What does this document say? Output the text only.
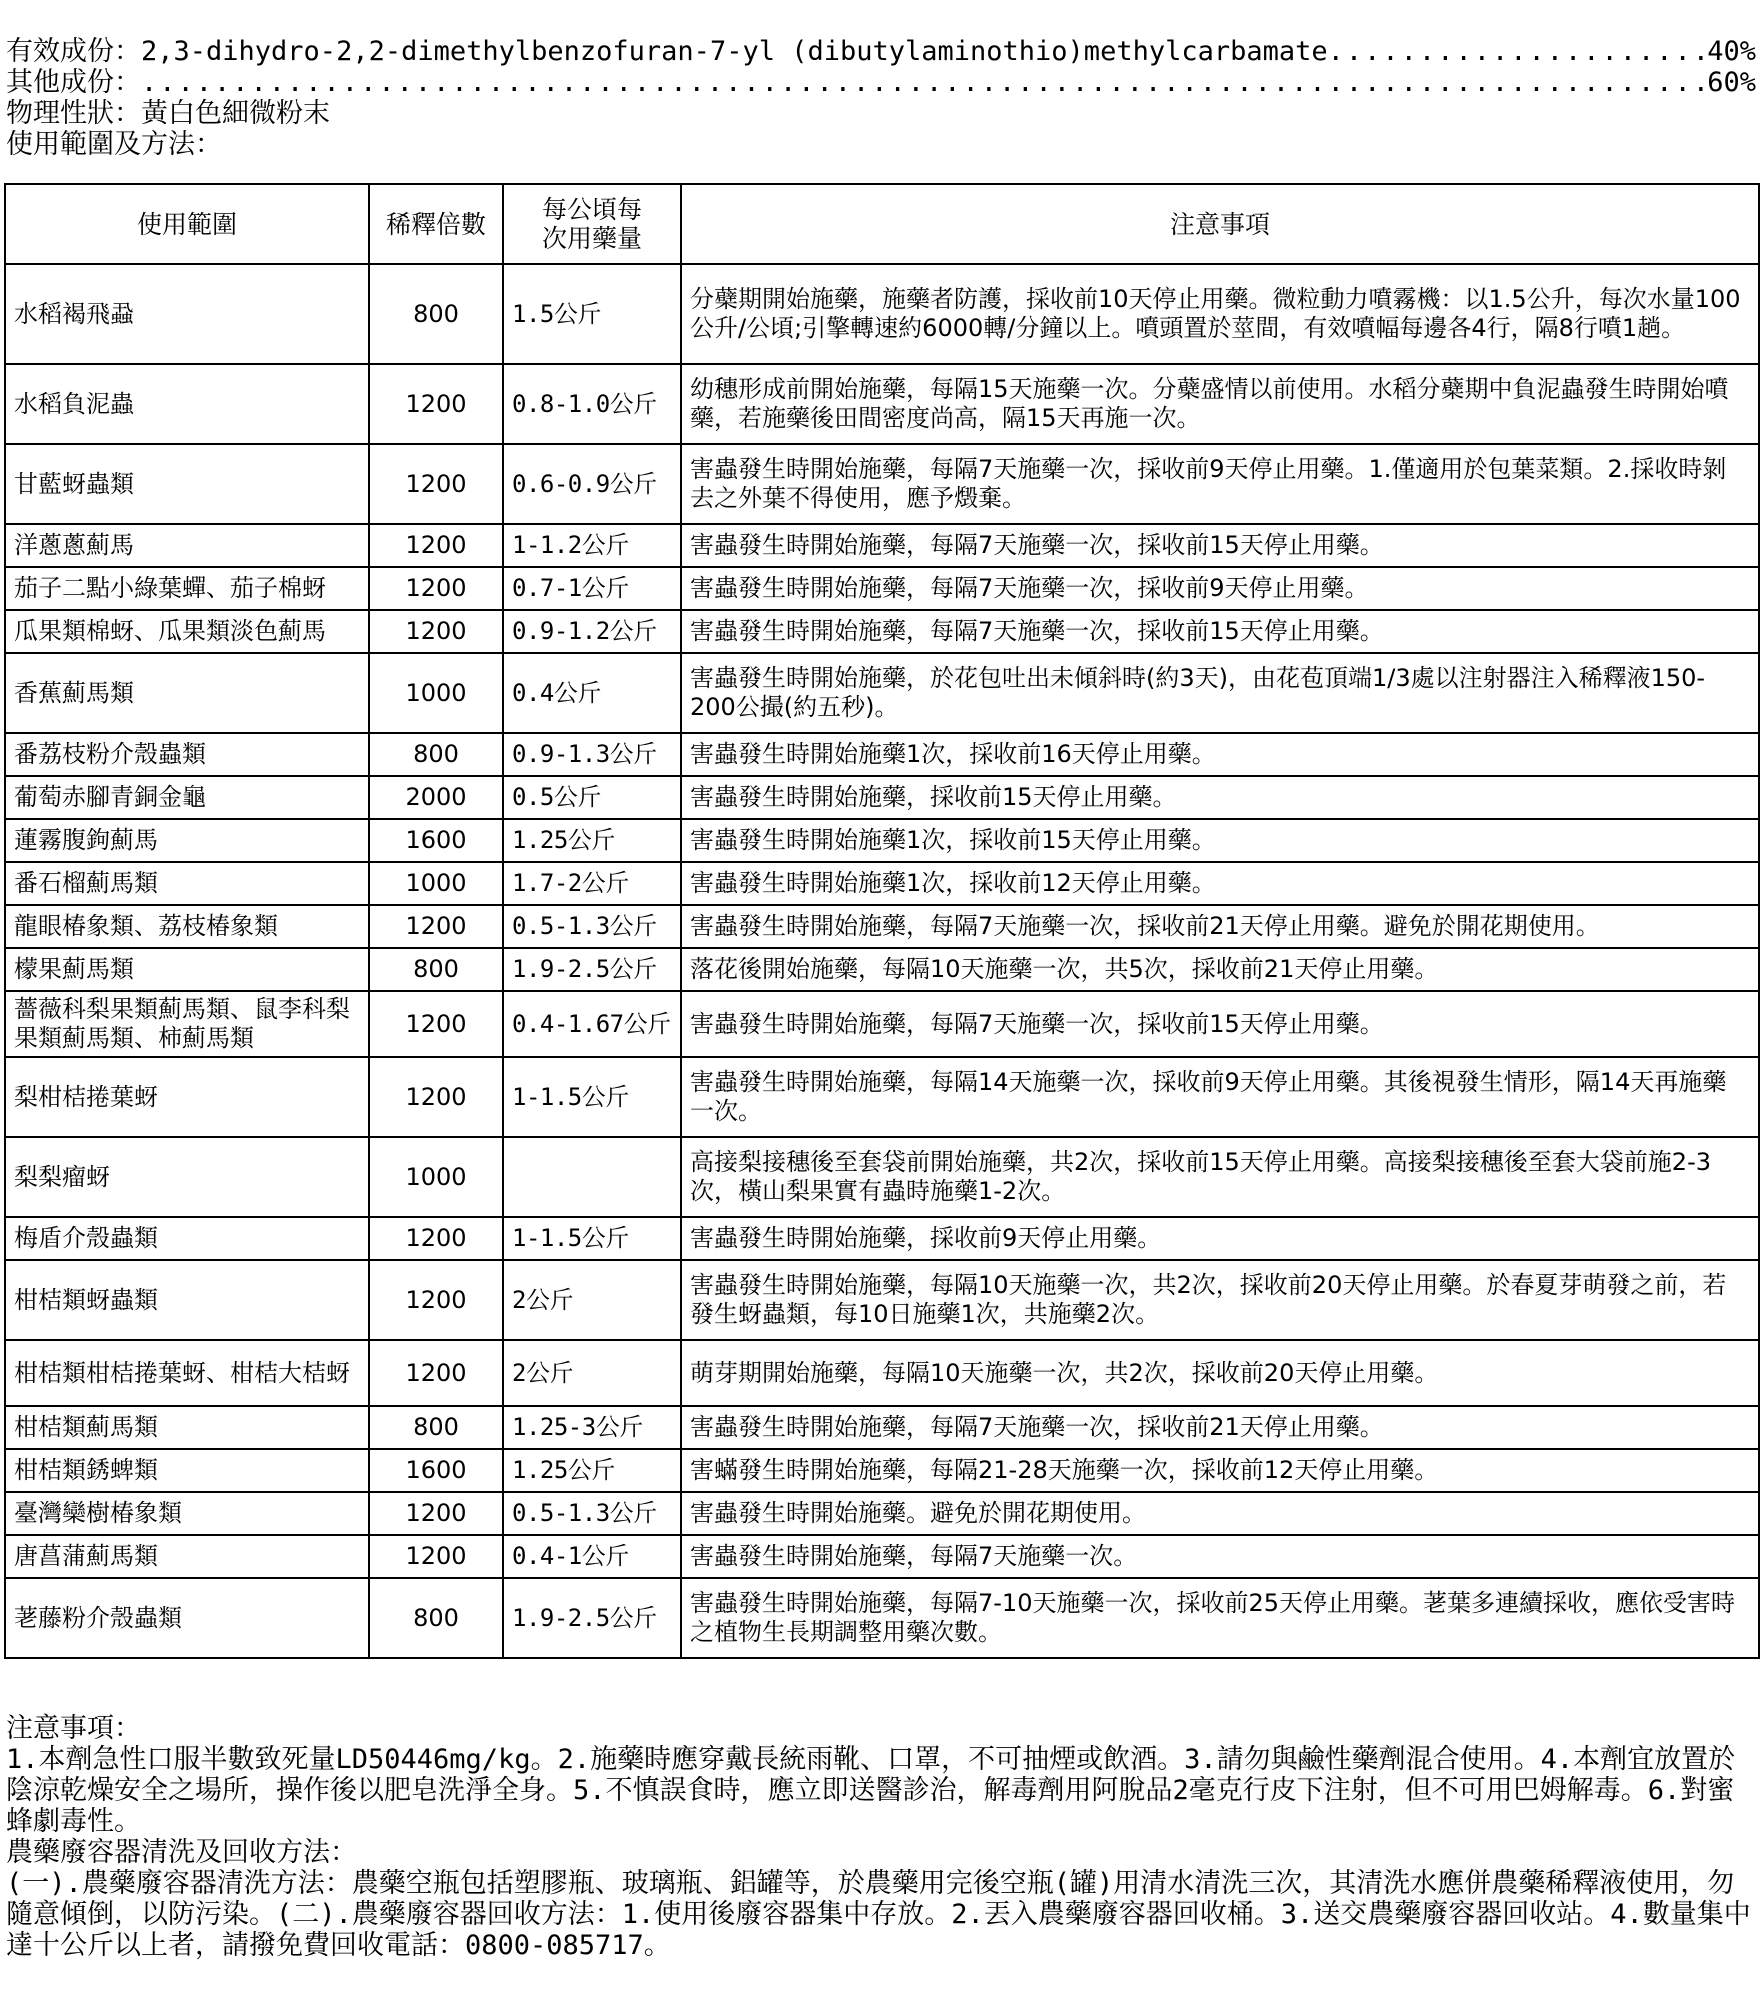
有效成份： 2,3-dihydro-2,2-dimethylbenzofuran-7-yl (dibutylaminothio)methylcarbamate .....	40%
其他成份： .....	60%
物理性狀：黃白色細微粉末
使用範圍及方法：
使用範圍	稀釋倍數	每公頃每次用藥量	注意事項
水稻褐飛蝨	800	1.5公斤	分蘗期開始施藥，施藥者防護，採收前10天停止用藥。微粒動力噴霧機：以1.5公升，每次水量100公升/公頃;引擎轉速約6000轉/分鐘以上。噴頭置於莖間，有效噴幅每邊各4行，隔8行噴1趟。
水稻負泥蟲	1200	0.8-1.0公斤	幼穗形成前開始施藥，每隔15天施藥一次。分蘗盛情以前使用。水稻分蘗期中負泥蟲發生時開始噴藥，若施藥後田間密度尚高，隔15天再施一次。
甘藍蚜蟲類	1200	0.6-0.9公斤	害蟲發生時開始施藥，每隔7天施藥一次，採收前9天停止用藥。1.僅適用於包葉菜類。2.採收時剝去之外葉不得使用，應予燬棄。
洋蔥蔥薊馬	1200	1-1.2公斤	害蟲發生時開始施藥，每隔7天施藥一次，採收前15天停止用藥。
茄子二點小綠葉蟬、茄子棉蚜	1200	0.7-1公斤	害蟲發生時開始施藥，每隔7天施藥一次，採收前9天停止用藥。
瓜果類棉蚜、瓜果類淡色薊馬	1200	0.9-1.2公斤	害蟲發生時開始施藥，每隔7天施藥一次，採收前15天停止用藥。
香蕉薊馬類	1000	0.4公斤	害蟲發生時開始施藥，於花包吐出未傾斜時(約3天)，由花苞頂端1/3處以注射器注入稀釋液150-200公撮(約五秒)。
番荔枝粉介殼蟲類	800	0.9-1.3公斤	害蟲發生時開始施藥1次，採收前16天停止用藥。
葡萄赤腳青銅金龜	2000	0.5公斤	害蟲發生時開始施藥，採收前15天停止用藥。
蓮霧腹鉤薊馬	1600	1.25公斤	害蟲發生時開始施藥1次，採收前15天停止用藥。
番石榴薊馬類	1000	1.7-2公斤	害蟲發生時開始施藥1次，採收前12天停止用藥。
龍眼椿象類、荔枝椿象類	1200	0.5-1.3公斤	害蟲發生時開始施藥，每隔7天施藥一次，採收前21天停止用藥。避免於開花期使用。
檬果薊馬類	800	1.9-2.5公斤	落花後開始施藥，每隔10天施藥一次，共5次，採收前21天停止用藥。
薔薇科梨果類薊馬類、鼠李科梨果類薊馬類、柿薊馬類	1200	0.4-1.67公斤	害蟲發生時開始施藥，每隔7天施藥一次，採收前15天停止用藥。
梨柑桔捲葉蚜	1200	1-1.5公斤	害蟲發生時開始施藥，每隔14天施藥一次，採收前9天停止用藥。其後視發生情形，隔14天再施藥一次。
梨梨瘤蚜	1000		高接梨接穗後至套袋前開始施藥，共2次，採收前15天停止用藥。高接梨接穗後至套大袋前施2-3次，橫山梨果實有蟲時施藥1-2次。
梅盾介殼蟲類	1200	1-1.5公斤	害蟲發生時開始施藥，採收前9天停止用藥。
柑桔類蚜蟲類	1200	2公斤	害蟲發生時開始施藥，每隔10天施藥一次，共2次，採收前20天停止用藥。於春夏芽萌發之前，若發生蚜蟲類，每10日施藥1次，共施藥2次。
柑桔類柑桔捲葉蚜、柑桔大桔蚜	1200	2公斤	萌芽期開始施藥，每隔10天施藥一次，共2次，採收前20天停止用藥。
柑桔類薊馬類	800	1.25-3公斤	害蟲發生時開始施藥，每隔7天施藥一次，採收前21天停止用藥。
柑桔類銹蜱類	1600	1.25公斤	害蟎發生時開始施藥，每隔21-28天施藥一次，採收前12天停止用藥。
臺灣欒樹椿象類	1200	0.5-1.3公斤	害蟲發生時開始施藥。避免於開花期使用。
唐菖蒲薊馬類	1200	0.4-1公斤	害蟲發生時開始施藥，每隔7天施藥一次。
荖藤粉介殼蟲類	800	1.9-2.5公斤	害蟲發生時開始施藥，每隔7-10天施藥一次，採收前25天停止用藥。荖葉多連續採收，應依受害時之植物生長期調整用藥次數。

注意事項：

1.本劑急性口服半數致死量LD50446mg/kg。2.施藥時應穿戴長統雨靴、口罩，不可抽煙或飲酒。3.請勿與鹼性藥劑混合使用。4.本劑宜放置於陰涼乾燥安全之場所，操作後以肥皂洗淨全身。5.不慎誤食時，應立即送醫診治，解毒劑用阿脫品2毫克行皮下注射，但不可用巴姆解毒。6.對蜜蜂劇毒性。

農藥廢容器清洗及回收方法：

(一).農藥廢容器清洗方法：農藥空瓶包括塑膠瓶、玻璃瓶、鋁罐等，於農藥用完後空瓶(罐)用清水清洗三次，其清洗水應併農藥稀釋液使用，勿隨意傾倒，以防污染。(二).農藥廢容器回收方法：1.使用後廢容器集中存放。2.丟入農藥廢容器回收桶。3.送交農藥廢容器回收站。4.數量集中達十公斤以上者，請撥免費回收電話：0800-085717。
